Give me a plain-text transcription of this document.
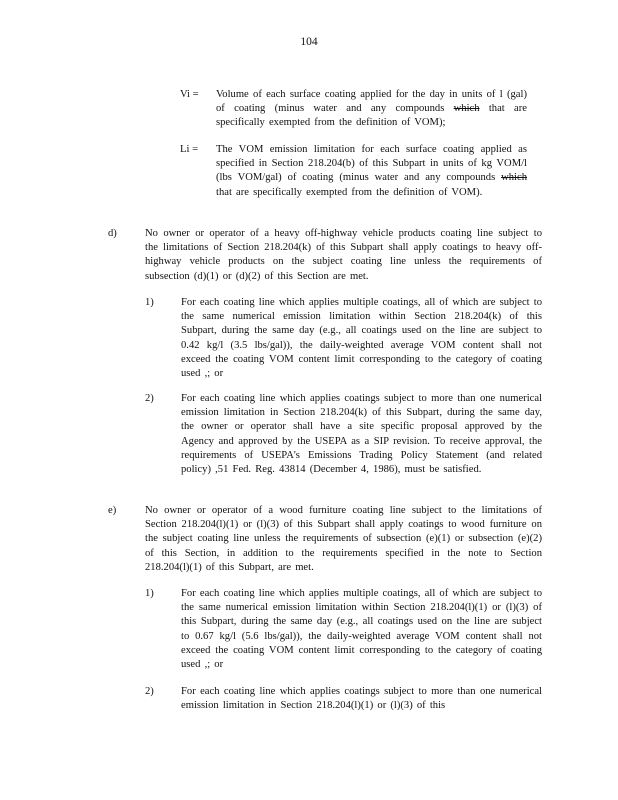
104
Vi = Volume of each surface coating applied for the day in units of l (gal) of coating (minus water and any compounds which that are specifically exempted from the definition of VOM);
Li = The VOM emission limitation for each surface coating applied as specified in Section 218.204(b) of this Subpart in units of kg VOM/l (lbs VOM/gal) of coating (minus water and any compounds which that are specifically exempted from the definition of VOM).
d)	No owner or operator of a heavy off-highway vehicle products coating line subject to the limitations of Section 218.204(k) of this Subpart shall apply coatings to heavy off-highway vehicle products on the subject coating line unless the requirements of subsection (d)(1) or (d)(2) of this Section are met.
1)	For each coating line which applies multiple coatings, all of which are subject to the same numerical emission limitation within Section 218.204(k) of this Subpart, during the same day (e.g., all coatings used on the line are subject to 0.42 kg/l (3.5 lbs/gal)), the daily-weighted average VOM content shall not exceed the coating VOM content limit corresponding to the category of coating used ,; or
2)	For each coating line which applies coatings subject to more than one numerical emission limitation in Section 218.204(k) of this Subpart, during the same day, the owner or operator shall have a site specific proposal approved by the Agency and approved by the USEPA as a SIP revision. To receive approval, the requirements of USEPA's Emissions Trading Policy Statement (and related policy) ,51 Fed. Reg. 43814 (December 4, 1986), must be satisfied.
e)	No owner or operator of a wood furniture coating line subject to the limitations of Section 218.204(l)(1) or (l)(3) of this Subpart shall apply coatings to wood furniture on the subject coating line unless the requirements of subsection (e)(1) or subsection (e)(2) of this Section, in addition to the requirements specified in the note to Section 218.204(l)(1) of this Subpart, are met.
1)	For each coating line which applies multiple coatings, all of which are subject to the same numerical emission limitation within Section 218.204(l)(1) or (l)(3) of this Subpart, during the same day (e.g., all coatings used on the line are subject to 0.67 kg/l (5.6 lbs/gal)), the daily-weighted average VOM content shall not exceed the coating VOM content limit corresponding to the category of coating used ,; or
2)	For each coating line which applies coatings subject to more than one numerical emission limitation in Section 218.204(l)(1) or (l)(3) of this
